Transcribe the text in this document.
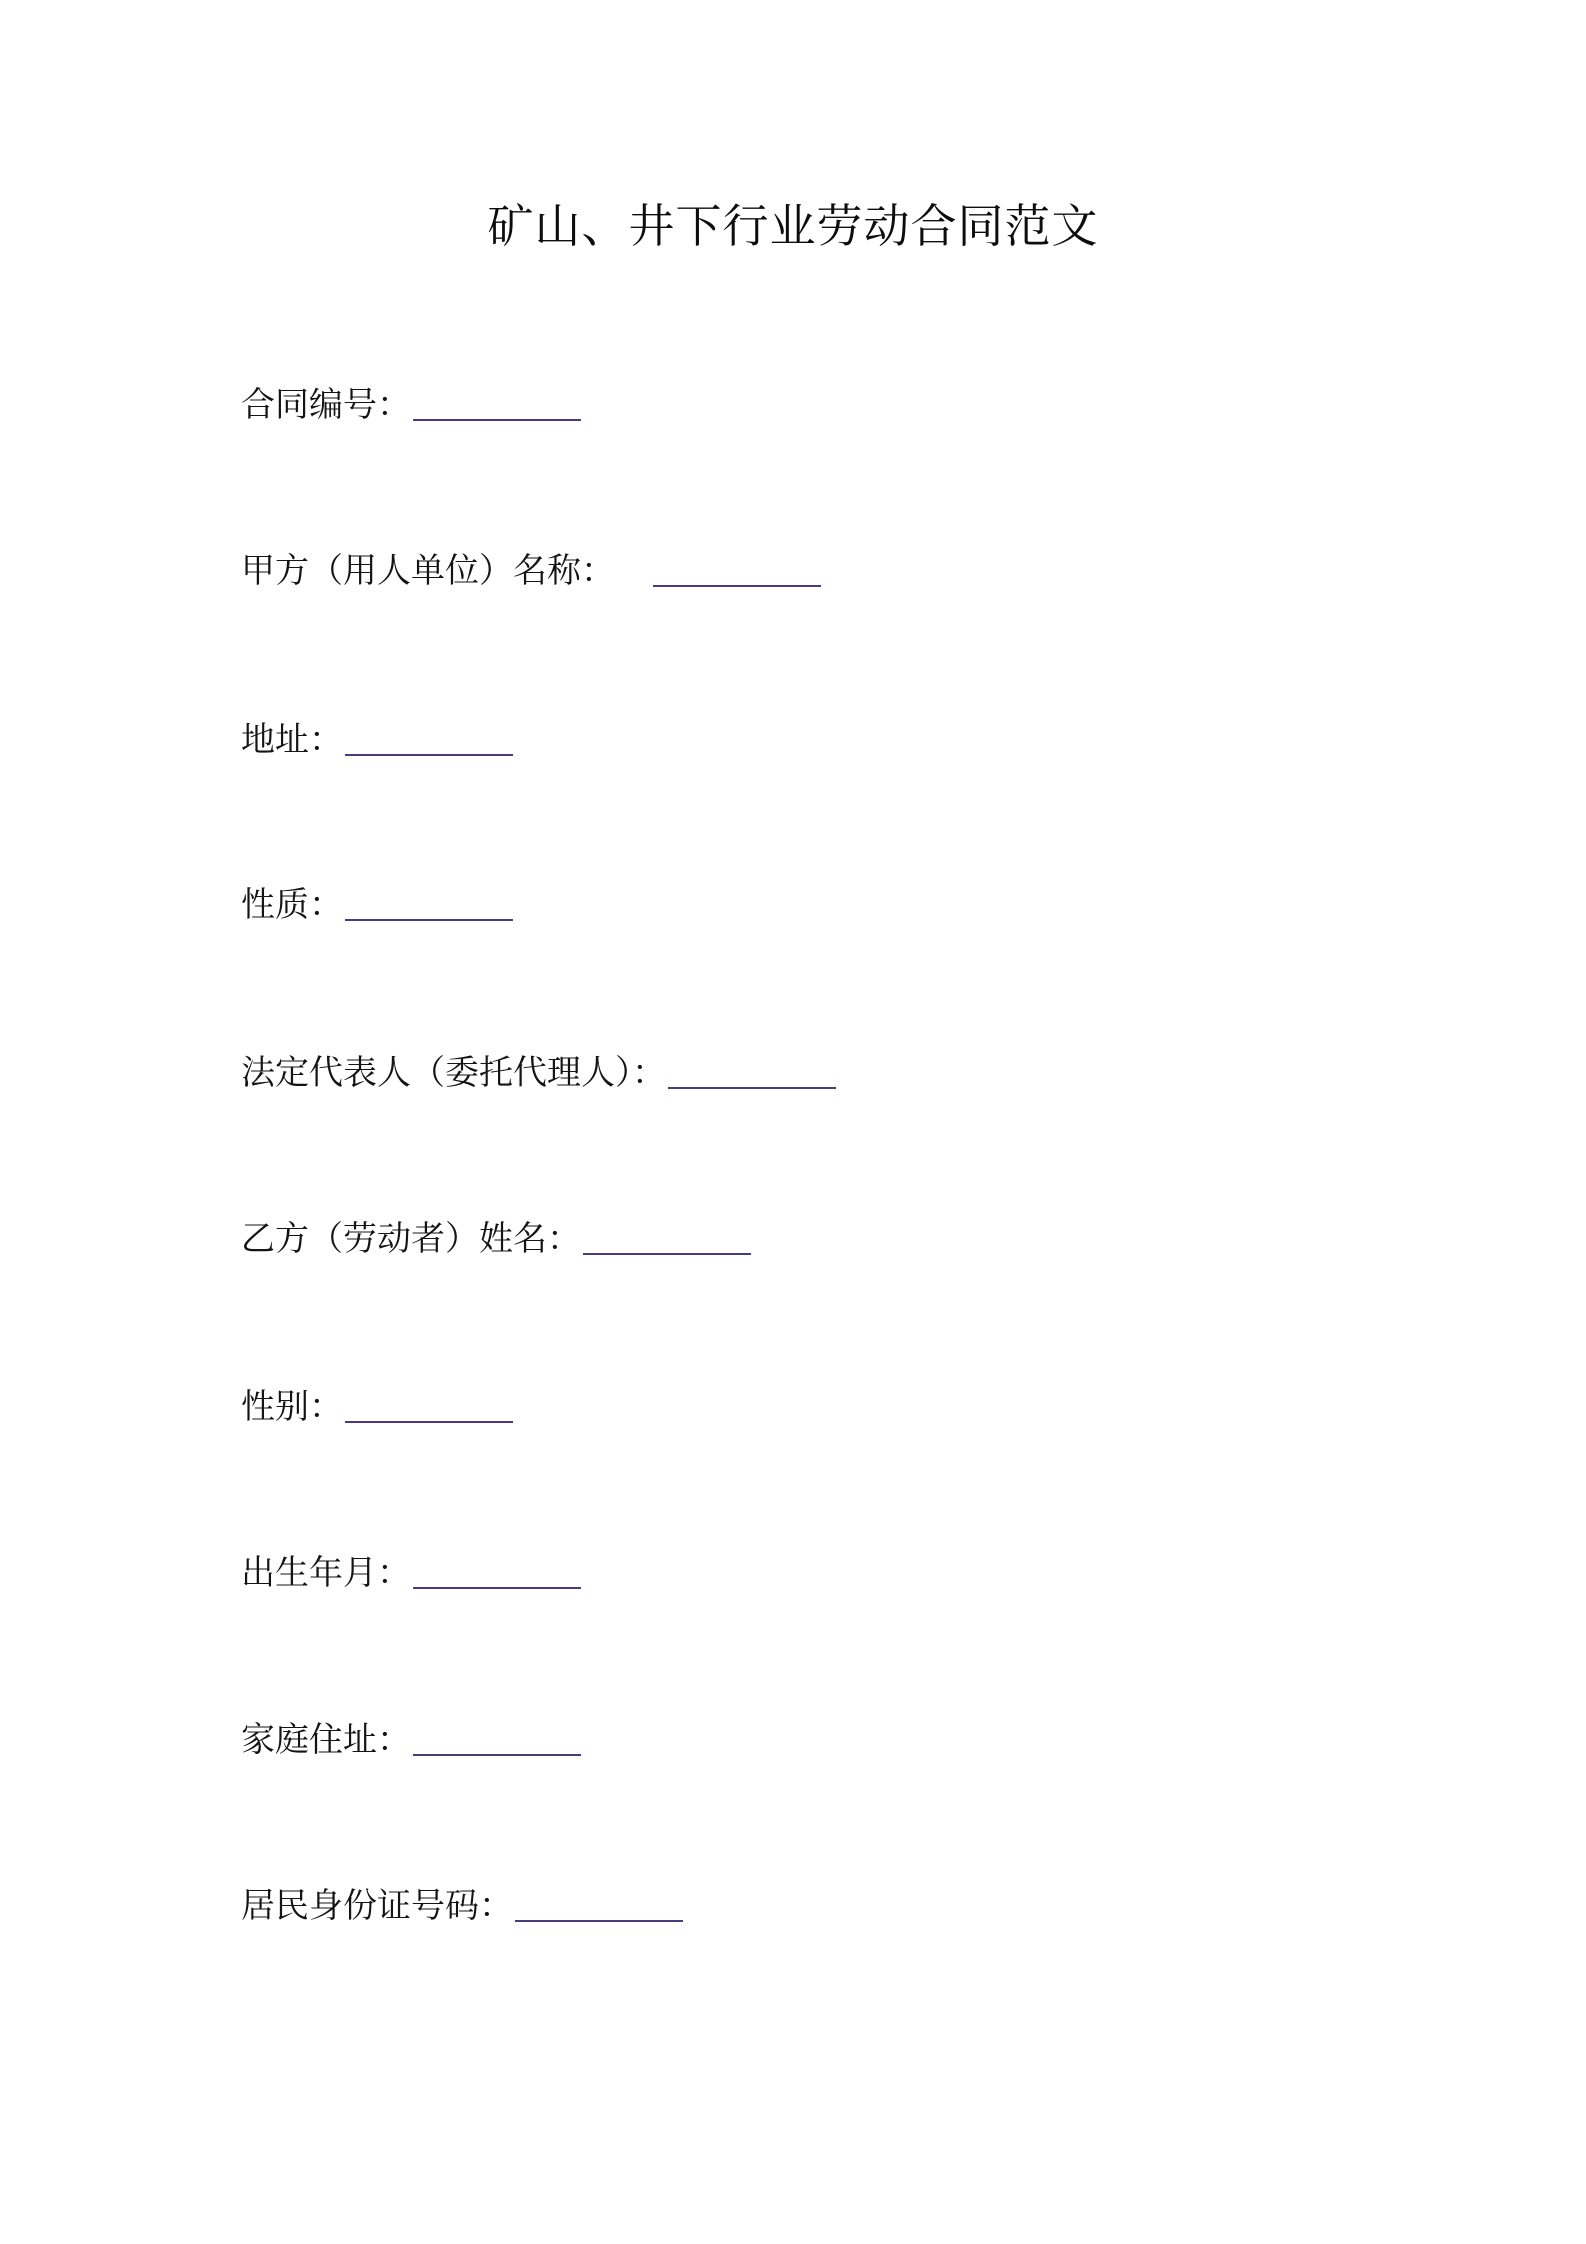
矿山、井下行业劳动合同范文
合同编号：
甲方（用人单位）名称：
地址：
性质：
法定代表人（委托代理人）：
乙方（劳动者）姓名：
性别：
出生年月：
家庭住址：
居民身份证号码：
